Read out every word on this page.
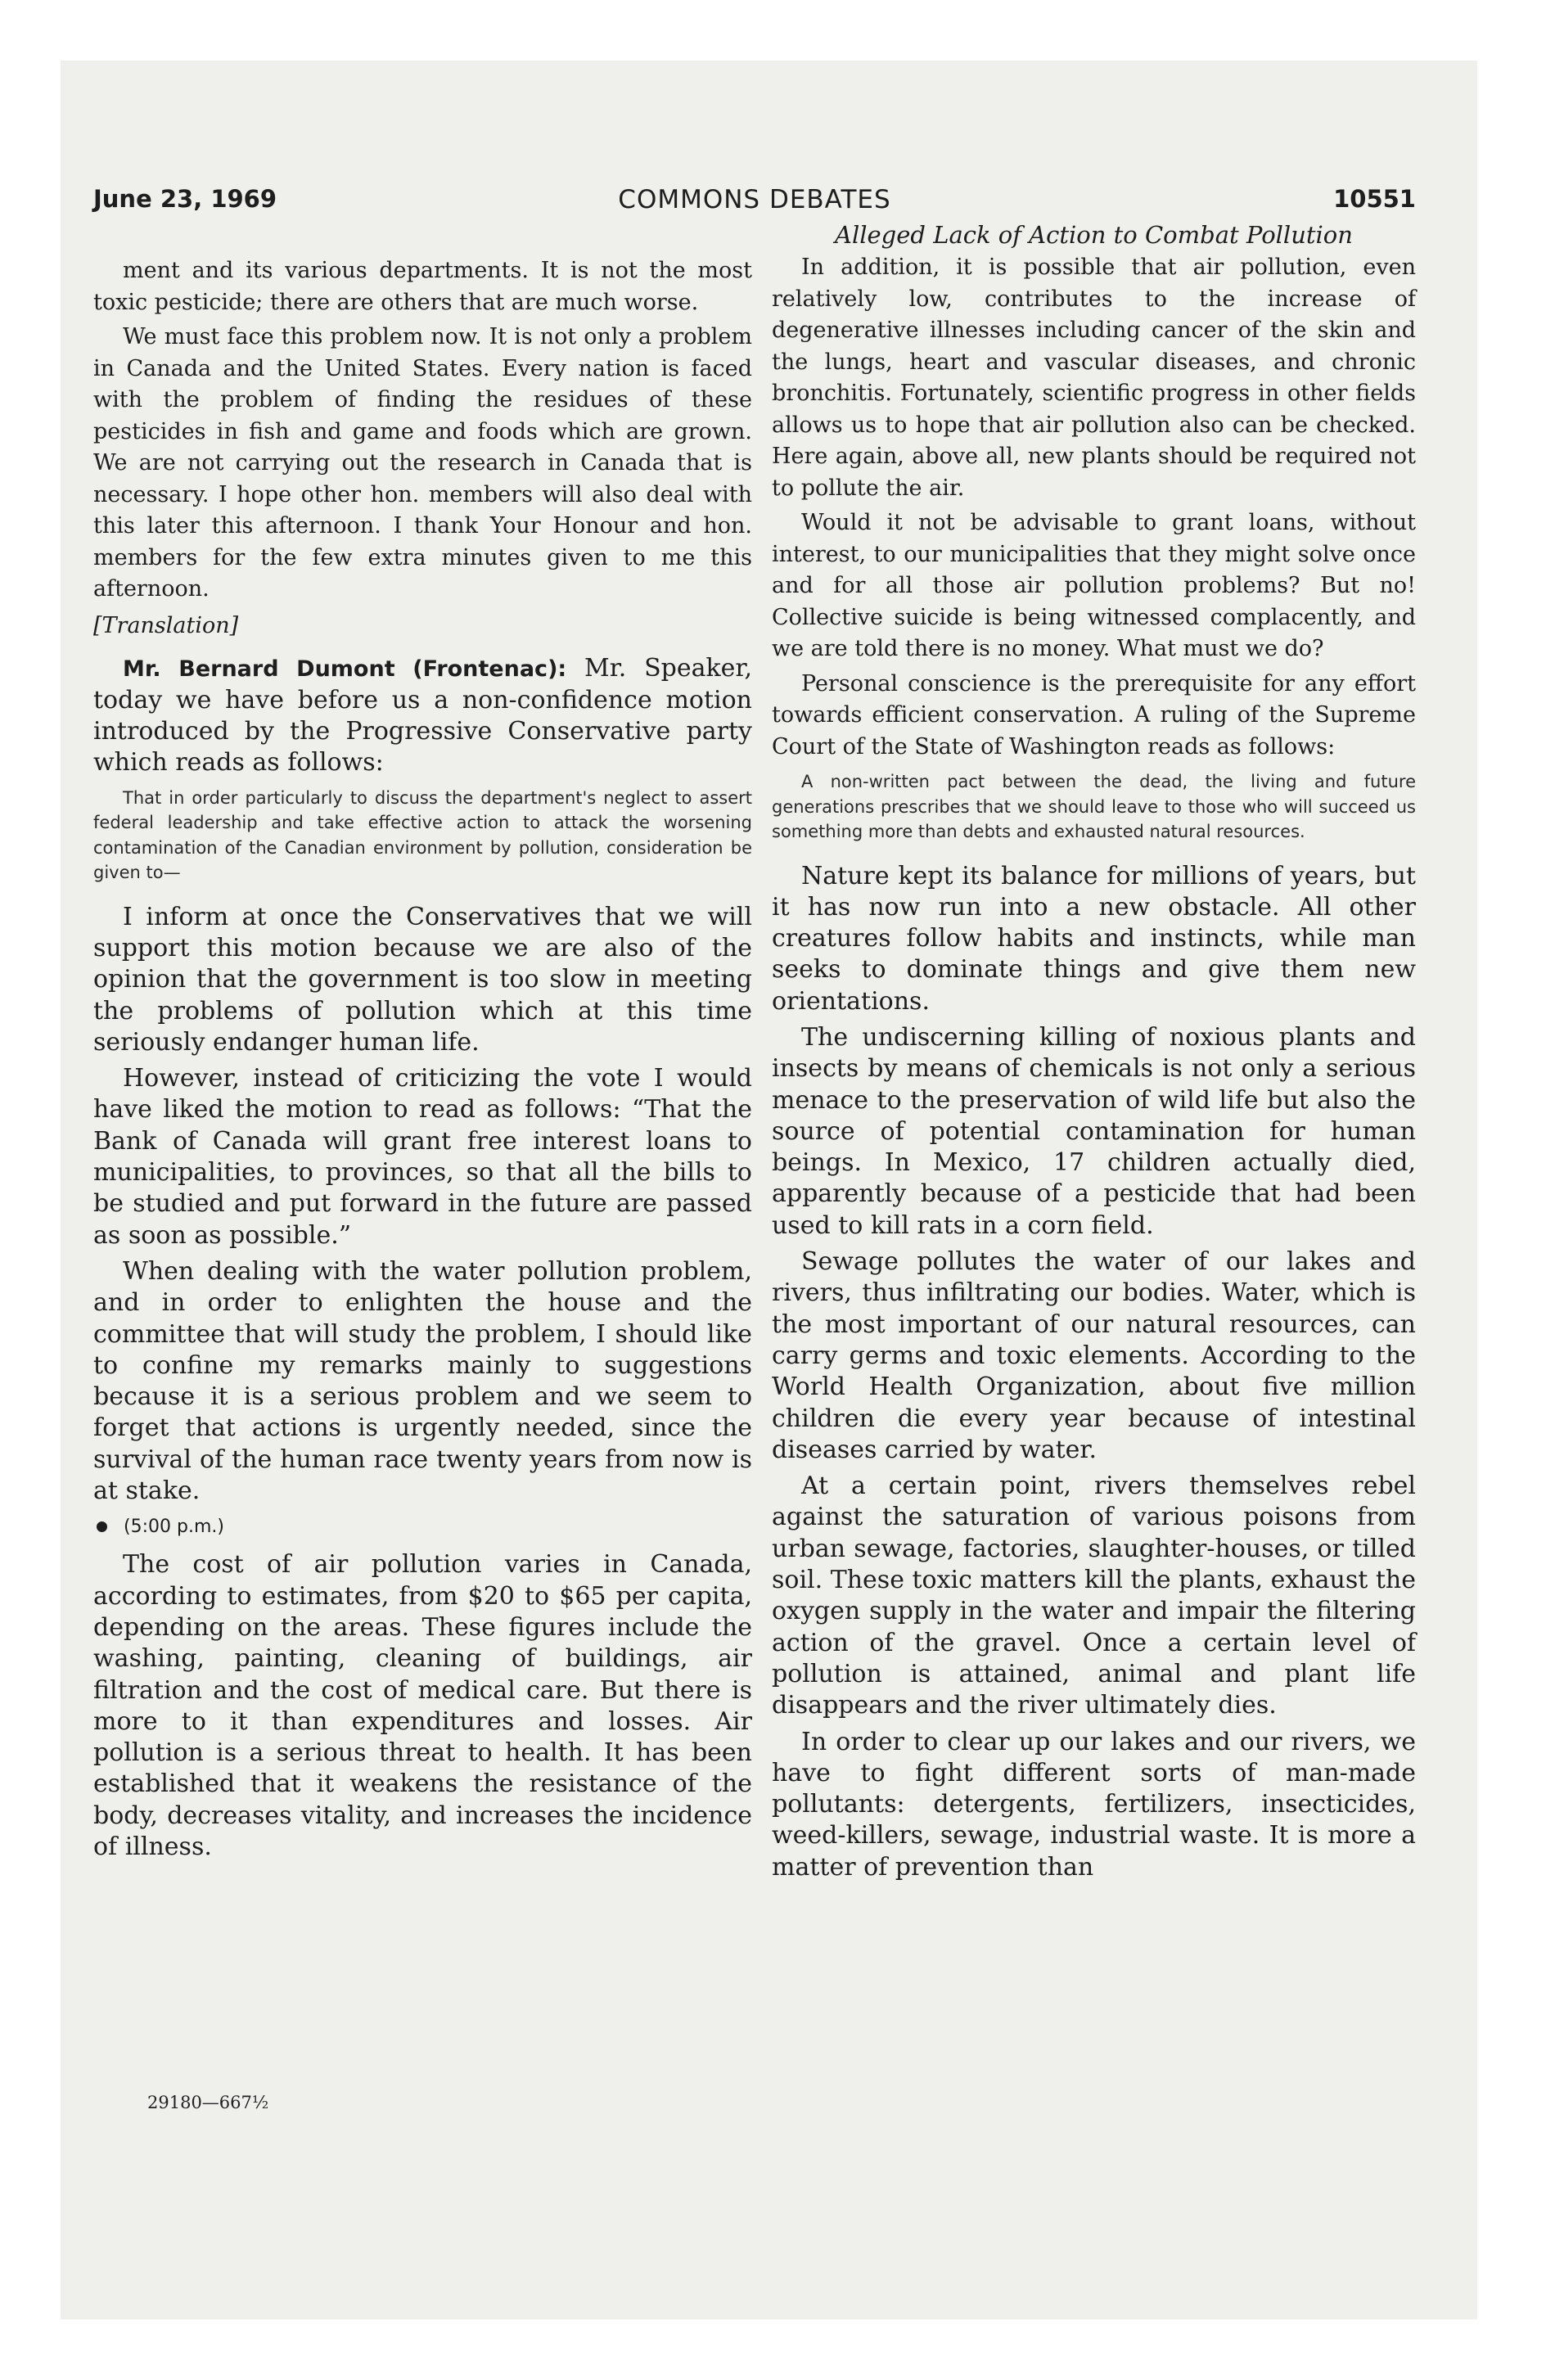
June 23, 1969	COMMONS DEBATES	10551

ment and its various departments. It is not the most toxic pesticide; there are others that are much worse.

We must face this problem now. It is not only a problem in Canada and the United States. Every nation is faced with the problem of finding the residues of these pesticides in fish and game and foods which are grown. We are not carrying out the research in Canada that is necessary. I hope other hon. members will also deal with this later this afternoon. I thank Your Honour and hon. members for the few extra minutes given to me this afternoon.

[Translation]

Mr. Bernard Dumont (Frontenac): Mr. Speaker, today we have before us a non-confidence motion introduced by the Progressive Conservative party which reads as follows:

That in order particularly to discuss the department's neglect to assert federal leadership and take effective action to attack the worsening contamination of the Canadian environment by pollution, consideration be given to—

I inform at once the Conservatives that we will support this motion because we are also of the opinion that the government is too slow in meeting the problems of pollution which at this time seriously endanger human life.

However, instead of criticizing the vote I would have liked the motion to read as follows: “That the Bank of Canada will grant free interest loans to municipalities, to provinces, so that all the bills to be studied and put forward in the future are passed as soon as possible.”

When dealing with the water pollution problem, and in order to enlighten the house and the committee that will study the problem, I should like to confine my remarks mainly to suggestions because it is a serious problem and we seem to forget that actions is urgently needed, since the survival of the human race twenty years from now is at stake.

(5:00 p.m.)

The cost of air pollution varies in Canada, according to estimates, from $20 to $65 per capita, depending on the areas. These figures include the washing, painting, cleaning of buildings, air filtration and the cost of medical care. But there is more to it than expenditures and losses. Air pollution is a serious threat to health. It has been established that it weakens the resistance of the body, decreases vitality, and increases the incidence of illness.

Alleged Lack of Action to Combat Pollution

In addition, it is possible that air pollution, even relatively low, contributes to the increase of degenerative illnesses including cancer of the skin and the lungs, heart and vascular diseases, and chronic bronchitis. Fortunately, scientific progress in other fields allows us to hope that air pollution also can be checked. Here again, above all, new plants should be required not to pollute the air.

Would it not be advisable to grant loans, without interest, to our municipalities that they might solve once and for all those air pollution problems? But no! Collective suicide is being witnessed complacently, and we are told there is no money. What must we do?

Personal conscience is the prerequisite for any effort towards efficient conservation. A ruling of the Supreme Court of the State of Washington reads as follows:

A non-written pact between the dead, the living and future generations prescribes that we should leave to those who will succeed us something more than debts and exhausted natural resources.

Nature kept its balance for millions of years, but it has now run into a new obstacle. All other creatures follow habits and instincts, while man seeks to dominate things and give them new orientations.

The undiscerning killing of noxious plants and insects by means of chemicals is not only a serious menace to the preservation of wild life but also the source of potential contamination for human beings. In Mexico, 17 children actually died, apparently because of a pesticide that had been used to kill rats in a corn field.

Sewage pollutes the water of our lakes and rivers, thus infiltrating our bodies. Water, which is the most important of our natural resources, can carry germs and toxic elements. According to the World Health Organization, about five million children die every year because of intestinal diseases carried by water.

At a certain point, rivers themselves rebel against the saturation of various poisons from urban sewage, factories, slaughter-houses, or tilled soil. These toxic matters kill the plants, exhaust the oxygen supply in the water and impair the filtering action of the gravel. Once a certain level of pollution is attained, animal and plant life disappears and the river ultimately dies.

In order to clear up our lakes and our rivers, we have to fight different sorts of man-made pollutants: detergents, fertilizers, insecticides, weed-killers, sewage, industrial waste. It is more a matter of prevention than

29180—667½
